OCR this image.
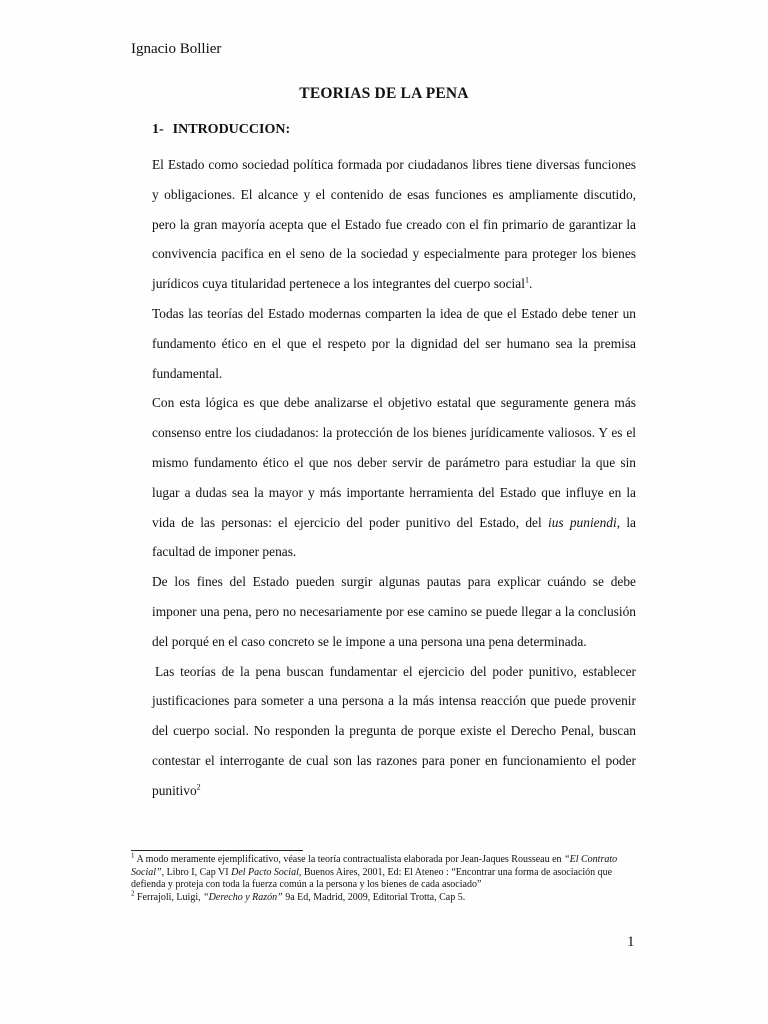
Ignacio Bollier
TEORIAS DE LA PENA
1- INTRODUCCION:

El Estado como sociedad política formada por ciudadanos libres tiene diversas funciones y obligaciones. El alcance y el contenido de esas funciones es ampliamente discutido, pero la gran mayoría acepta que el Estado fue creado con el fin primario de garantizar la convivencia pacifica en el seno de la sociedad y especialmente para proteger los bienes jurídicos cuya titularidad pertenece a los integrantes del cuerpo social$^1$.

Todas las teorías del Estado modernas comparten la idea de que el Estado debe tener un fundamento ético en el que el respeto por la dignidad del ser humano sea la premisa fundamental.

Con esta lógica es que debe analizarse el objetivo estatal que seguramente genera más consenso entre los ciudadanos: la protección de los bienes jurídicamente valiosos. Y es el mismo fundamento ético el que nos deber servir de parámetro para estudiar la que sin lugar a dudas sea la mayor y más importante herramienta del Estado que influye en la vida de las personas: el ejercicio del poder punitivo del Estado, del ius puniendi, la facultad de imponer penas.

De los fines del Estado pueden surgir algunas pautas para explicar cuándo se debe imponer una pena, pero no necesariamente por ese camino se puede llegar a la conclusión del porqué en el caso concreto se le impone a una persona una pena determinada.

Las teorías de la pena buscan fundamentar el ejercicio del poder punitivo, establecer justificaciones para someter a una persona a la más intensa reacción que puede provenir del cuerpo social. No responden la pregunta de porque existe el Derecho Penal, buscan contestar el interrogante de cual son las razones para poner en funcionamiento el poder punitivo$^2$

$^1$ A modo meramente ejemplificativo, véase la teoría contractualista elaborada por Jean-Jaques Rousseau en “El Contrato Social”, Libro I, Cap VI Del Pacto Social, Buenos Aires, 2001, Ed: El Ateneo : “Encontrar una forma de asociación que defienda y proteja con toda la fuerza común a la persona y los bienes de cada asociado”

$^2$ Ferrajoli, Luigi, “Derecho y Razón” 9a Ed, Madrid, 2009, Editorial Trotta, Cap 5.

1
